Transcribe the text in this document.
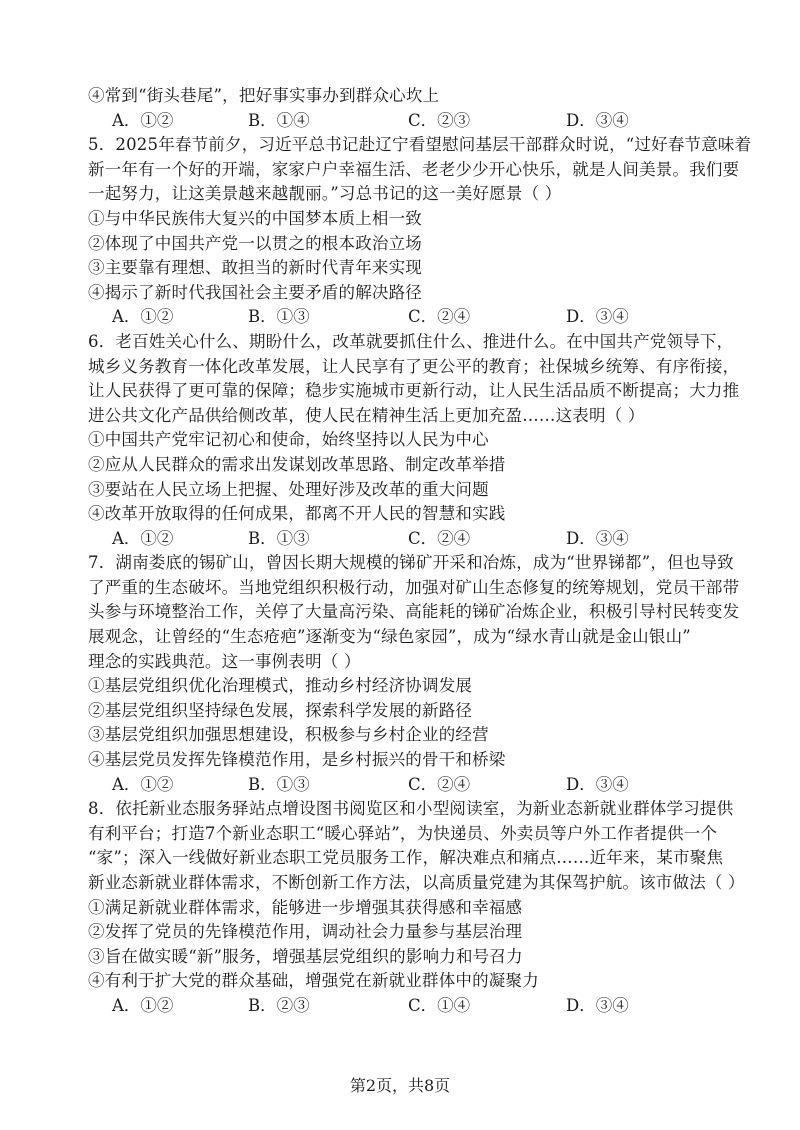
④常到“街头巷尾”，把好事实事办到群众心坎上
A．①②	B．①④	C．②③	D．③④
5．2025年春节前夕，习近平总书记赴辽宁看望慰问基层干部群众时说，“过好春节意味着
新一年有一个好的开端，家家户户幸福生活、老老少少开心快乐，就是人间美景。我们要
一起努力，让这美景越来越靓丽。”习总书记的这一美好愿景（ ）
①与中华民族伟大复兴的中国梦本质上相一致
②体现了中国共产党一以贯之的根本政治立场
③主要靠有理想、敢担当的新时代青年来实现
④揭示了新时代我国社会主要矛盾的解决路径
A．①②	B．①③	C．②④	D．③④
6．老百姓关心什么、期盼什么，改革就要抓住什么、推进什么。在中国共产党领导下，
城乡义务教育一体化改革发展，让人民享有了更公平的教育；社保城乡统筹、有序衔接，
让人民获得了更可靠的保障；稳步实施城市更新行动，让人民生活品质不断提高；大力推
进公共文化产品供给侧改革，使人民在精神生活上更加充盈……这表明（ ）
①中国共产党牢记初心和使命，始终坚持以人民为中心
②应从人民群众的需求出发谋划改革思路、制定改革举措
③要站在人民立场上把握、处理好涉及改革的重大问题
④改革开放取得的任何成果，都离不开人民的智慧和实践
A．①②	B．①③	C．②④	D．③④
7．湖南娄底的锡矿山，曾因长期大规模的锑矿开采和冶炼，成为“世界锑都”，但也导致
了严重的生态破坏。当地党组织积极行动，加强对矿山生态修复的统筹规划，党员干部带
头参与环境整治工作，关停了大量高污染、高能耗的锑矿冶炼企业，积极引导村民转变发
展观念，让曾经的“生态疮疤”逐渐变为“绿色家园”，成为“绿水青山就是金山银山”
理念的实践典范。这一事例表明（ ）
①基层党组织优化治理模式，推动乡村经济协调发展
②基层党组织坚持绿色发展，探索科学发展的新路径
③基层党组织加强思想建设，积极参与乡村企业的经营
④基层党员发挥先锋模范作用，是乡村振兴的骨干和桥梁
A．①②	B．①③	C．②④	D．③④
8．依托新业态服务驿站点增设图书阅览区和小型阅读室，为新业态新就业群体学习提供
有利平台；打造7个新业态职工“暖心驿站”，为快递员、外卖员等户外工作者提供一个
“家”；深入一线做好新业态职工党员服务工作，解决难点和痛点……近年来，某市聚焦
新业态新就业群体需求，不断创新工作方法，以高质量党建为其保驾护航。该市做法（ ）
①满足新就业群体需求，能够进一步增强其获得感和幸福感
②发挥了党员的先锋模范作用，调动社会力量参与基层治理
③旨在做实暖“新”服务，增强基层党组织的影响力和号召力
④有利于扩大党的群众基础，增强党在新就业群体中的凝聚力
A．①②	B．②③	C．①④	D．③④
第2页，共8页
